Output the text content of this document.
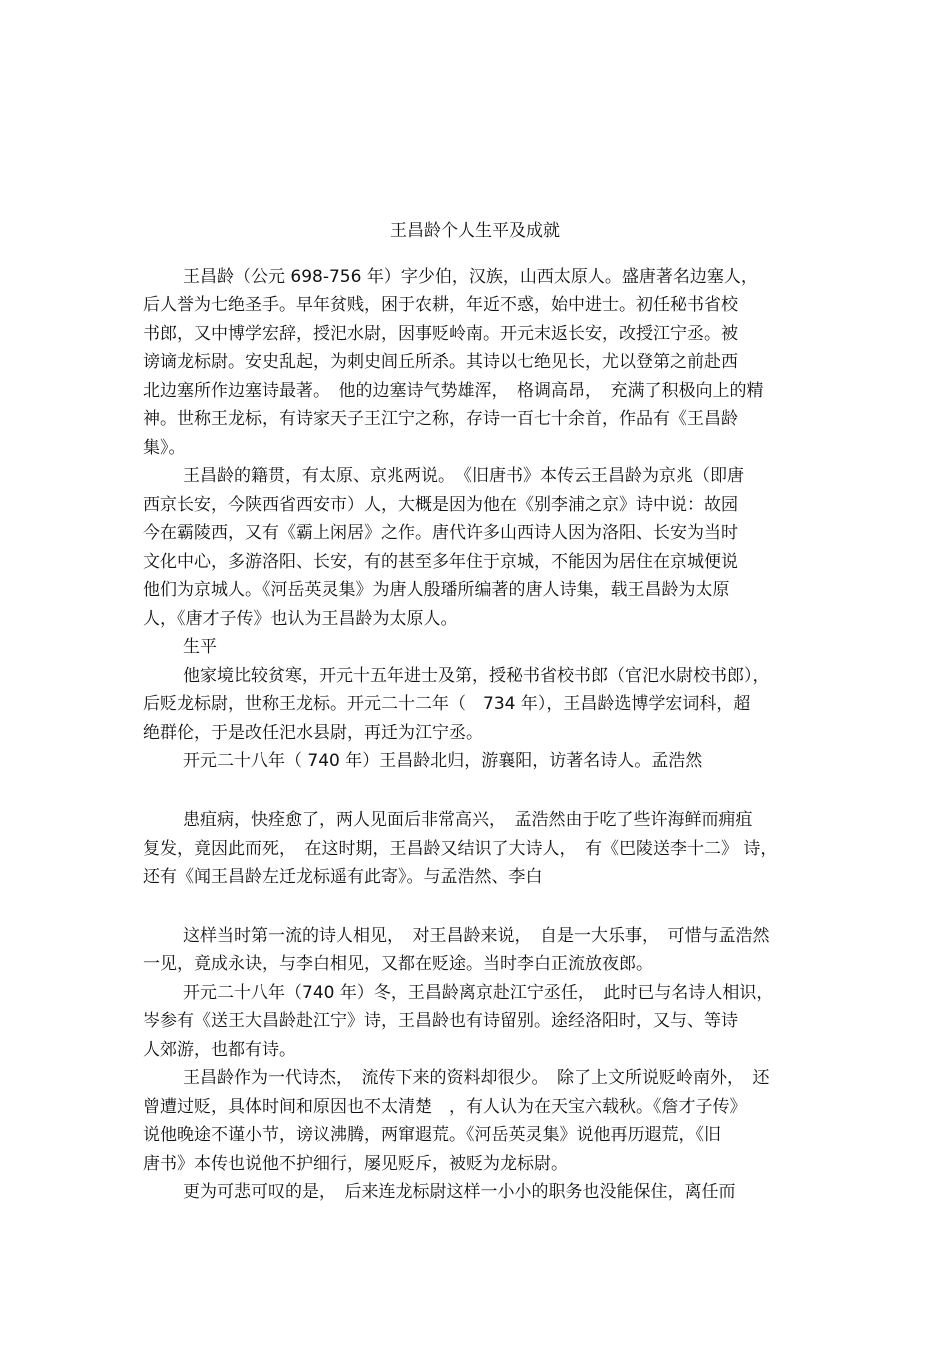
王昌龄个人生平及成就
王昌龄（公元 698-756 年）字少伯，汉族，山西太原人。盛唐著名边塞人，
后人誉为七绝圣手。早年贫贱，困于农耕，年近不惑，始中进士。初任秘书省校
书郎，又中博学宏辞，授汜水尉，因事贬岭南。开元末返长安，改授江宁丞。被
谤谪龙标尉。安史乱起，为刺史闾丘所杀。其诗以七绝见长，尤以登第之前赴西
北边塞所作边塞诗最著。　他的边塞诗气势雄浑，　格调高昂，　充满了积极向上的精
神。世称王龙标，有诗家天子王江宁之称，存诗一百七十余首，作品有《王昌龄
集》。
王昌龄的籍贯，有太原、京兆两说。　《旧唐书》本传云王昌龄为京兆（即唐
西京长安，今陕西省西安市）人，大概是因为他在《别李浦之京》诗中说：故园
今在霸陵西，又有《霸上闲居》之作。唐代许多山西诗人因为洛阳、长安为当时
文化中心，多游洛阳、长安，有的甚至多年住于京城，不能因为居住在京城便说
他们为京城人。《河岳英灵集》为唐人殷璠所编著的唐人诗集，载王昌龄为太原
人，《唐才子传》也认为王昌龄为太原人。
生平
他家境比较贫寒，开元十五年进士及第，授秘书省校书郎（官汜水尉校书郎），
后贬龙标尉，世称王龙标。开元二十二年（　734 年），王昌龄选博学宏词科，超
绝群伦，于是改任汜水县尉，再迁为江宁丞。
开元二十八年（ 740 年）王昌龄北归，游襄阳，访著名诗人。孟浩然
患疽病，快痊愈了，两人见面后非常高兴，　孟浩然由于吃了些许海鲜而痈疽
复发，竟因此而死，　在这时期，王昌龄又结识了大诗人，　有《巴陵送李十二》 诗，
还有《闻王昌龄左迁龙标遥有此寄》。与孟浩然、李白
这样当时第一流的诗人相见，　对王昌龄来说，　自是一大乐事，　可惜与孟浩然
一见，竟成永诀，与李白相见，又都在贬途。当时李白正流放夜郎。
开元二十八年（740 年）冬，王昌龄离京赴江宁丞任，　此时已与名诗人相识，
岑参有《送王大昌龄赴江宁》诗，王昌龄也有诗留别。途经洛阳时，又与、等诗
人郊游，也都有诗。
王昌龄作为一代诗杰，　流传下来的资料却很少。　除了上文所说贬岭南外，　还
曾遭过贬，具体时间和原因也不太清楚　，有人认为在天宝六载秋。《詹才子传》
说他晚途不谨小节，谤议沸腾，两窜遐荒。《河岳英灵集》说他再历遐荒，《旧
唐书》本传也说他不护细行，屡见贬斥，被贬为龙标尉。
更为可悲可叹的是，　后来连龙标尉这样一小小的职务也没能保住，离任而
